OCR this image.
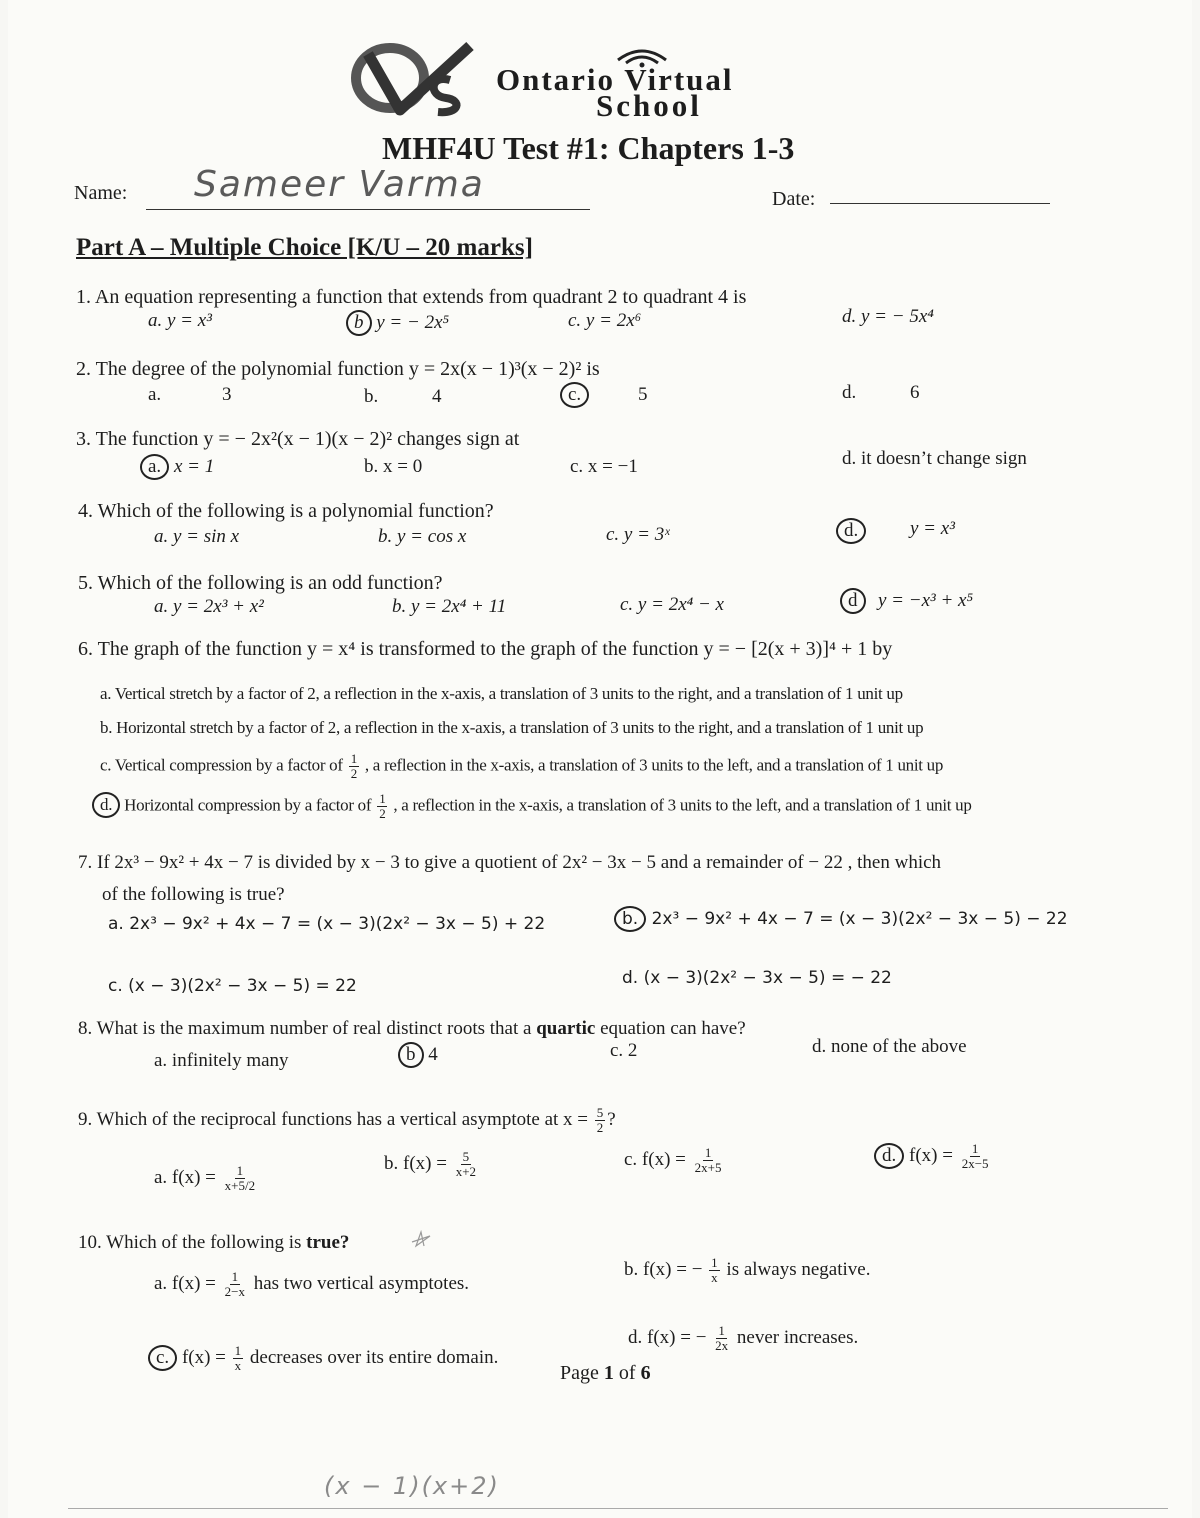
Ontario Virtual
School
MHF4U Test #1: Chapters 1-3
Name: Sameer Varma	Date:
Part A – Multiple Choice [K/U – 20 marks]
1. An equation representing a function that extends from quadrant 2 to quadrant 4 is
a. y = x³	b y = − 2x⁵	c. y = 2x⁶	d. y = − 5x⁴
2. The degree of the polynomial function y = 2x(x − 1)³(x − 2)² is
a.	3	b.	4	c.	5	d.	6
3. The function y = − 2x²(x − 1)(x − 2)² changes sign at
a. x = 1	b. x = 0	c. x = −1	d. it doesn’t change sign
4. Which of the following is a polynomial function?
a. y = sin x	b. y = cos x	c. y = 3ˣ	d.	y = x³
5. Which of the following is an odd function?
a. y = 2x³ + x²	b. y = 2x⁴ + 11	c. y = 2x⁴ − x	d	y = −x³ + x⁵
6. The graph of the function y = x⁴ is transformed to the graph of the function y = − [2(x + 3)]⁴ + 1 by
a. Vertical stretch by a factor of 2, a reflection in the x-axis, a translation of 3 units to the right, and a translation of 1 unit up
b. Horizontal stretch by a factor of 2, a reflection in the x-axis, a translation of 3 units to the right, and a translation of 1 unit up
c. Vertical compression by a factor of $\frac{1}{2}$ , a reflection in the x-axis, a translation of 3 units to the left, and a translation of 1 unit up
d. Horizontal compression by a factor of $\frac{1}{2}$ , a reflection in the x-axis, a translation of 3 units to the left, and a translation of 1 unit up
7. If 2x³ − 9x² + 4x − 7 is divided by x − 3 to give a quotient of 2x² − 3x − 5 and a remainder of − 22 , then which
of the following is true?
a. 2x³ − 9x² + 4x − 7 = (x − 3)(2x² − 3x − 5) + 22	b. 2x³ − 9x² + 4x − 7 = (x − 3)(2x² − 3x − 5) − 22
c. (x − 3)(2x² − 3x − 5) = 22	d. (x − 3)(2x² − 3x − 5) = − 22
8. What is the maximum number of real distinct roots that a quartic equation can have?
a. infinitely many	b 4	c. 2	d. none of the above
9. Which of the reciprocal functions has a vertical asymptote at $x = \frac{5}{2}$ ?
a. $f(x) = \frac{1}{x+5/2}$
b. $f(x) = \frac{5}{x+2}$	c. $f(x) = \frac{1}{2x+5}$	d. $f(x) = \frac{1}{2x-5}$
10. Which of the following is true?
a. $f(x) = \frac{1}{2-x}$ has two vertical asymptotes.
b. f(x) = − $\frac{1}{x}$ is always negative.
c. $f(x) = \frac{1}{x}$ decreases over its entire domain.
d. f(x) = − $\frac{1}{2x}$ never increases.
Page 1 of 6
(x − 1)(x+2)
